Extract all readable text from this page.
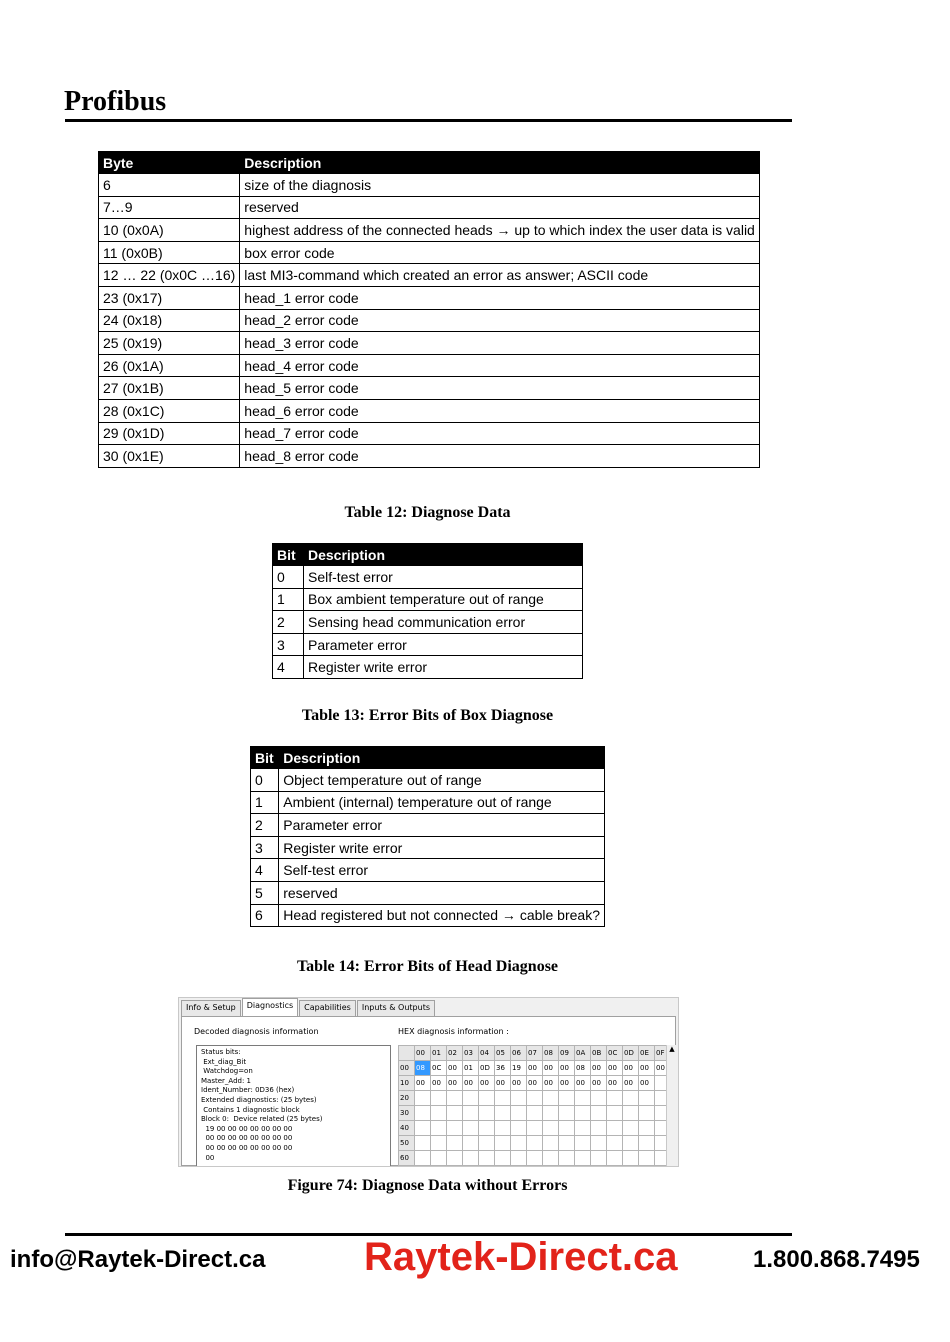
Profibus
Byte	Description
6	size of the diagnosis
7…9	reserved
10 (0x0A)	highest address of the connected heads → up to which index the user data is valid
11 (0x0B)	box error code
12 … 22 (0x0C …16)	last MI3-command which created an error as answer; ASCII code
23 (0x17)	head_1 error code
24 (0x18)	head_2 error code
25 (0x19)	head_3 error code
26 (0x1A)	head_4 error code
27 (0x1B)	head_5 error code
28 (0x1C)	head_6 error code
29 (0x1D)	head_7 error code
30 (0x1E)	head_8 error code
Table 12: Diagnose Data
Bit	Description
0	Self-test error
1	Box ambient temperature out of range
2	Sensing head communication error
3	Parameter error
4	Register write error
Table 13: Error Bits of Box Diagnose
Bit	Description
0	Object temperature out of range
1	Ambient (internal) temperature out of range
2	Parameter error
3	Register write error
4	Self-test error
5	reserved
6	Head registered but not connected → cable break?
Table 14: Error Bits of Head Diagnose
Info & Setup	Diagnostics	Capabilities	Inputs & Outputs
Decoded diagnosis information	HEX diagnosis information :
Status bits:
Ext_diag_Bit
Watchdog=on
Master_Add: 1
Ident_Number: 0D36 (hex)
Extended diagnostics: (25 bytes)
Contains 1 diagnostic block
Block 0:  Device related (25 bytes)
19 00 00 00 00 00 00 00
00 00 00 00 00 00 00 00
00 00 00 00 00 00 00 00
00
	00	01	02	03	04	05	06	07	08	09	0A	0B	0C	0D	0E	0F
00	08	0C	00	01	0D	36	19	00	00	00	08	00	00	00	00	00
10	00	00	00	00	00	00	00	00	00	00	00	00	00	00	00	
20																
30																
40																
50																
60																
▲
Figure 74: Diagnose Data without Errors
info@Raytek-Direct.ca Raytek-Direct.ca	1.800.868.7495
